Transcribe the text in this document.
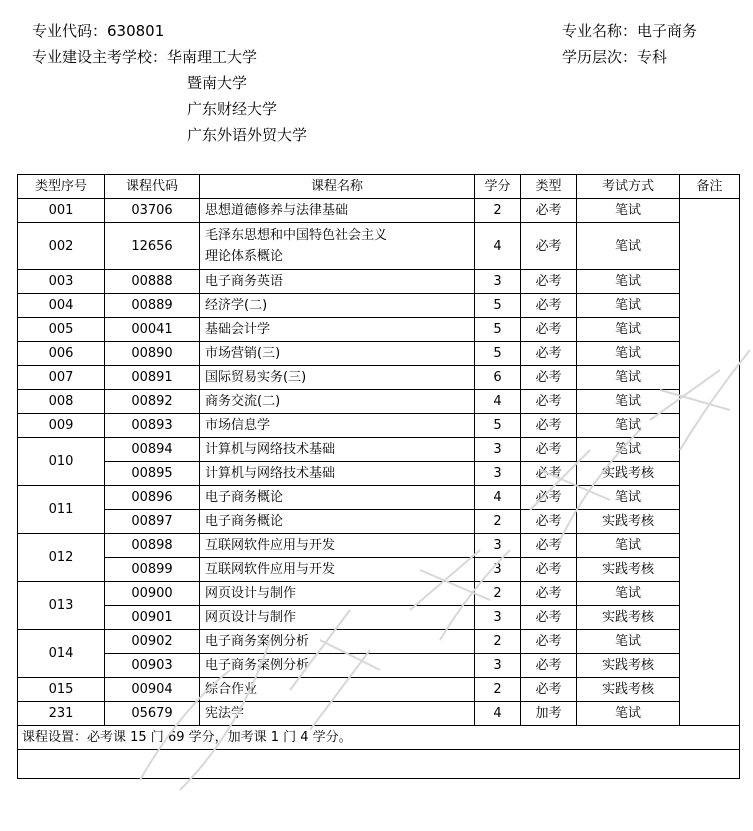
专业代码：630801
专业建设主考学校：华南理工大学
暨南大学
广东财经大学
广东外语外贸大学
专业名称：电子商务
学历层次：专科
类型序号	课程代码	课程名称	学分	类型	考试方式	备注
001	03706	思想道德修养与法律基础	2	必考	笔试	
002	12656	毛泽东思想和中国特色社会主义
理论体系概论	4	必考	笔试	
003	00888	电子商务英语	3	必考	笔试	
004	00889	经济学(二)	5	必考	笔试	
005	00041	基础会计学	5	必考	笔试	
006	00890	市场营销(三)	5	必考	笔试	
007	00891	国际贸易实务(三)	6	必考	笔试	
008	00892	商务交流(二)	4	必考	笔试	
009	00893	市场信息学	5	必考	笔试	
010	00894	计算机与网络技术基础	3	必考	笔试	
	00895	计算机与网络技术基础	3	必考	实践考核	
011	00896	电子商务概论	4	必考	笔试	
	00897	电子商务概论	2	必考	实践考核	
012	00898	互联网软件应用与开发	3	必考	笔试	
	00899	互联网软件应用与开发	3	必考	实践考核	
013	00900	网页设计与制作	2	必考	笔试	
	00901	网页设计与制作	3	必考	实践考核	
014	00902	电子商务案例分析	2	必考	笔试	
	00903	电子商务案例分析	3	必考	实践考核	
015	00904	综合作业	2	必考	实践考核	
231	05679	宪法学	4	加考	笔试	
课程设置：必考课 15 门 69 学分，加考课 1 门 4 学分。						
